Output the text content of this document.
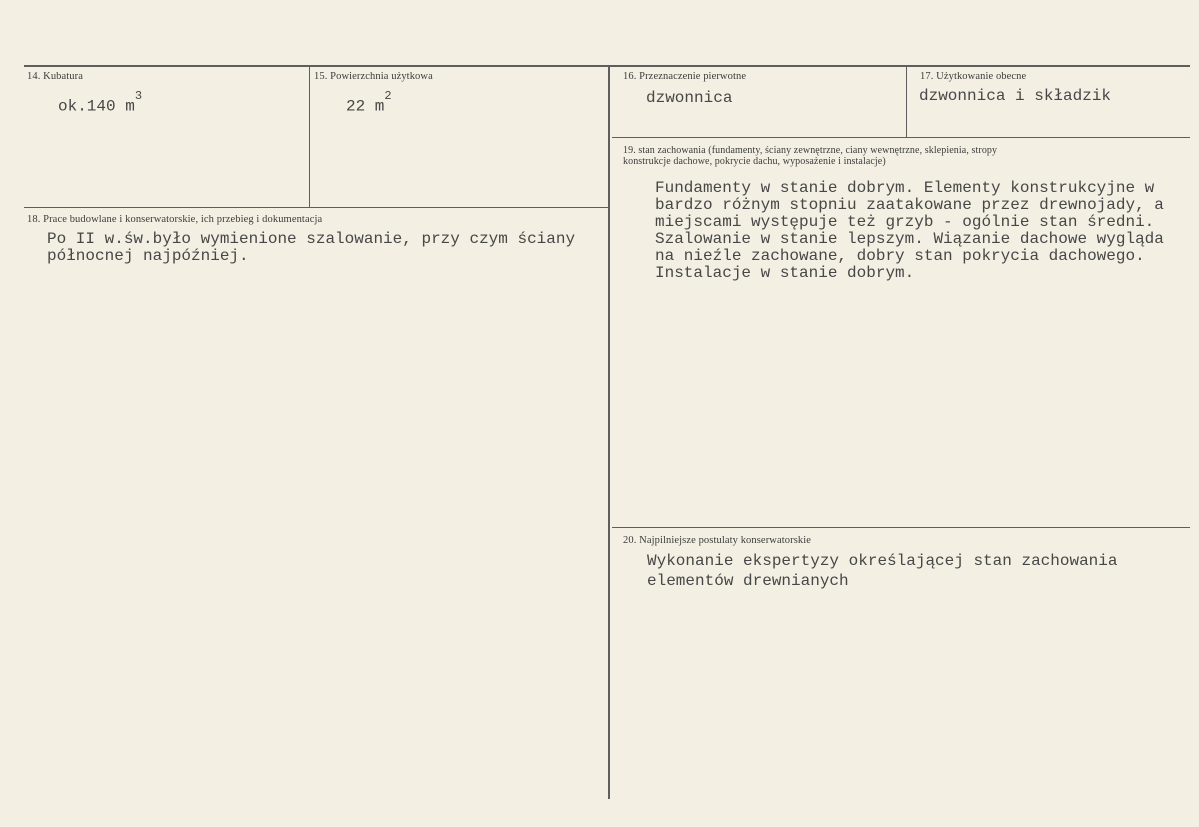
14. Kubatura
ok.140 $m^3$
15. Powierzchnia użytkowa
22 $m^2$
16. Przeznaczenie pierwotne
dzwonnica
17. Użytkowanie obecne
dzwonnica i składzik
19. stan zachowania (fundamenty, ściany zewnętrzne, ciany wewnętrzne, sklepienia, stropy
konstrukcje dachowe, pokrycie dachu, wyposażenie i instalacje)
Fundamenty w stanie dobrym. Elementy konstrukcyjne w
bardzo różnym stopniu zaatakowane przez drewnojady, a
miejscami występuje też grzyb - ogólnie stan średni.
Szalowanie w stanie lepszym. Wiązanie dachowe wygląda
na nieźle zachowane, dobry stan pokrycia dachowego.
Instalacje w stanie dobrym.
18. Prace budowlane i konserwatorskie, ich przebieg i dokumentacja
Po II w.św.było wymienione szalowanie, przy czym ściany
północnej najpóźniej.
20. Najpilniejsze postulaty konserwatorskie
Wykonanie ekspertyzy określającej stan zachowania
elementów drewnianych
